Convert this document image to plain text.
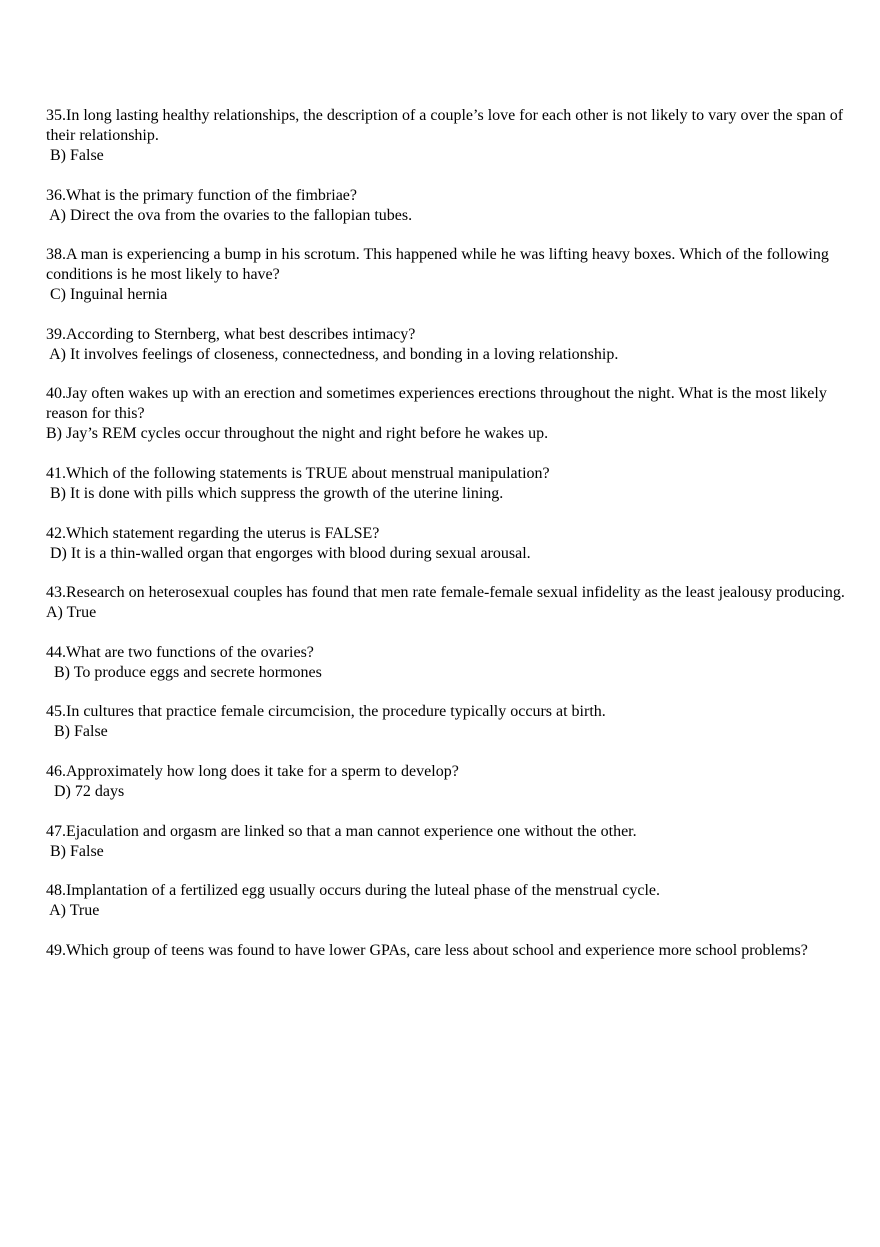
35.In long lasting healthy relationships, the description of a couple’s love for each other is not likely to vary over the span of their relationship.

B) False

36.What is the primary function of the fimbriae?

A) Direct the ova from the ovaries to the fallopian tubes.

38.A man is experiencing a bump in his scrotum. This happened while he was lifting heavy boxes. Which of the following conditions is he most likely to have?

C) Inguinal hernia

39.According to Sternberg, what best describes intimacy?

A) It involves feelings of closeness, connectedness, and bonding in a loving relationship.

40.Jay often wakes up with an erection and sometimes experiences erections throughout the night. What is the most likely reason for this?

B) Jay’s REM cycles occur throughout the night and right before he wakes up.

41.Which of the following statements is TRUE about menstrual manipulation?

B) It is done with pills which suppress the growth of the uterine lining.

42.Which statement regarding the uterus is FALSE?

D) It is a thin-walled organ that engorges with blood during sexual arousal.

43.Research on heterosexual couples has found that men rate female-female sexual infidelity as the least jealousy producing.

A) True

44.What are two functions of the ovaries?

B) To produce eggs and secrete hormones

45.In cultures that practice female circumcision, the procedure typically occurs at birth.

B) False

46.Approximately how long does it take for a sperm to develop?

D) 72 days

47.Ejaculation and orgasm are linked so that a man cannot experience one without the other.

B) False

48.Implantation of a fertilized egg usually occurs during the luteal phase of the menstrual cycle.

A) True

49.Which group of teens was found to have lower GPAs, care less about school and experience more school problems?
